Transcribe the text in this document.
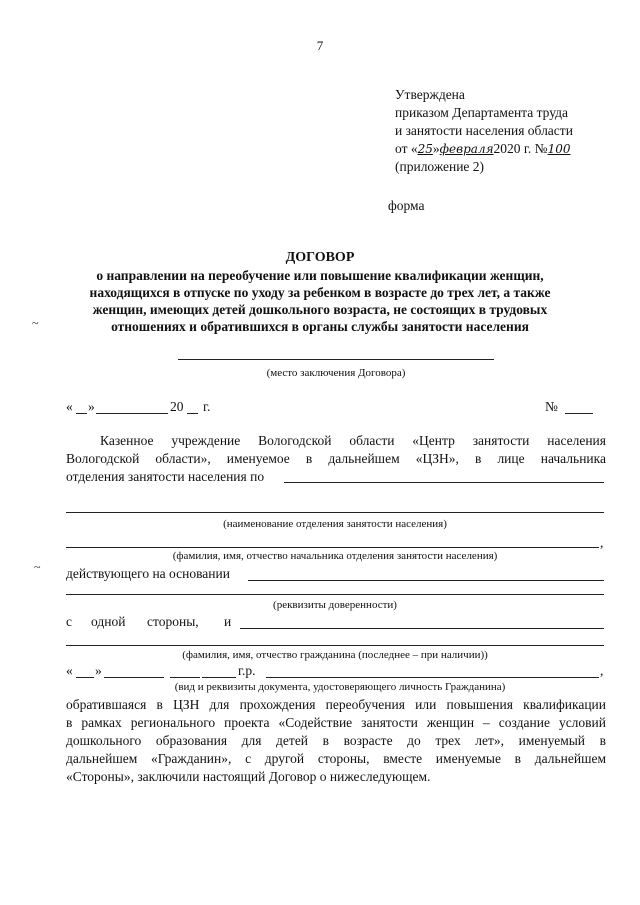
7
Утверждена
приказом Департамента труда
и занятости населения области
от «25»февраля2020 г. №100
(приложение 2)
форма
ДОГОВОР
о направлении на переобучение или повышение квалификации женщин,
находящихся в отпуске по уходу за ребенком в возрасте до трех лет, а также
женщин, имеющих детей дошкольного возраста, не состоящих в трудовых
отношениях и обратившихся в органы службы занятости населения
~
~
(место заключения Договора)
« »	20 г.	№
Казенное учреждение Вологодской области «Центр занятости населения
Вологодской области», именуемое в дальнейшем «ЦЗН», в лице начальника
отделения занятости населения по
(наименование отделения занятости населения)
,
(фамилия, имя, отчество начальника отделения занятости населения)
действующего на основании
(реквизиты доверенности)
с одной стороны, и
(фамилия, имя, отчество гражданина (последнее – при наличии))
« »	г.р.	,
(вид и реквизиты документа, удостоверяющего личность Гражданина)
обратившаяся в ЦЗН для прохождения переобучения или повышения квалификации
в рамках регионального проекта «Содействие занятости женщин – создание условий
дошкольного образования для детей в возрасте до трех лет», именуемый в
дальнейшем «Гражданин», с другой стороны, вместе именуемые в дальнейшем
«Стороны», заключили настоящий Договор о нижеследующем.
